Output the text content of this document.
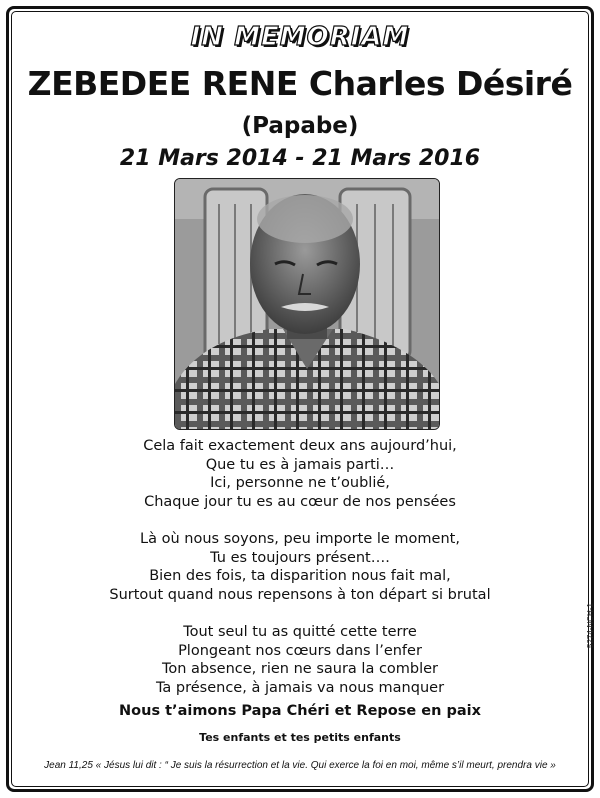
IN MEMORIAM
ZEBEDEE RENE Charles Désiré
(Papabe)
21 Mars 2014 - 21 Mars 2016
Cela fait exactement deux ans aujourd’hui,
Que tu es à jamais parti…
Ici, personne ne t’oublié,
Chaque jour tu es au cœur de nos pensées
Là où nous soyons, peu importe le moment,
Tu es toujours présent….
Bien des fois, ta disparition nous fait mal,
Surtout quand nous repensons à ton départ si brutal
Tout seul tu as quitté cette terre
Plongeant nos cœurs dans l’enfer
Ton absence, rien ne saura la combler
Ta présence, à jamais va nous manquer
Nous t’aimons Papa Chéri et Repose en paix
Tes enfants et tes petits enfants
Jean 11,25 « Jésus lui dit : “ Je suis la résurrection et la vie. Qui exerce la foi en moi, même s’il meurt, prendra vie »
5274-NCH-1
